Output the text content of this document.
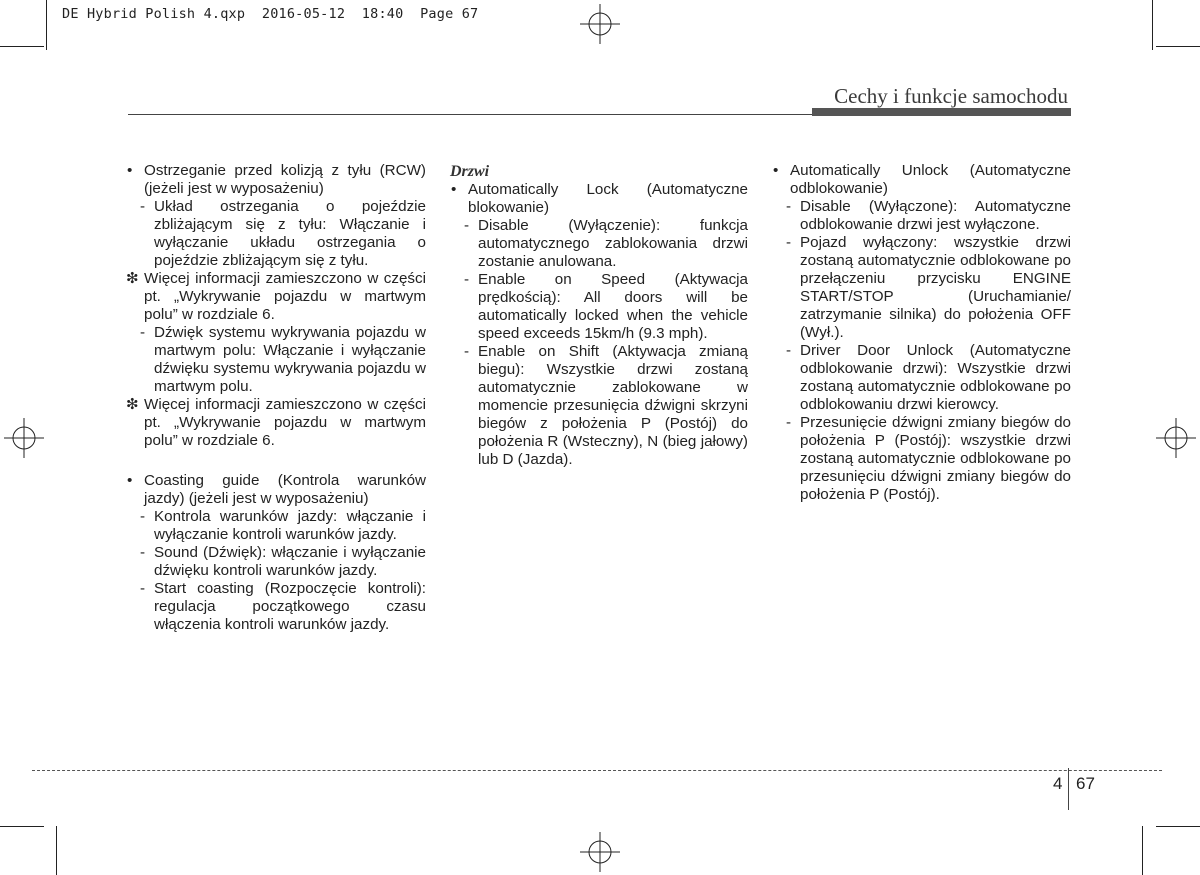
DE Hybrid Polish 4.qxp  2016-05-12  18:40  Page 67
Cechy i funkcje samochodu

• Ostrzeganie przed kolizją z tyłu (RCW) (jeżeli jest w wyposażeniu)

- Układ ostrzegania o pojeździe zbliżającym się z tyłu: Włączanie i wyłączanie układu ostrzegania o pojeździe zbliżającym się z tyłu.

❇ Więcej informacji zamieszczono w części pt. „Wykrywanie pojazdu w martwym polu” w rozdziale 6.

- Dźwięk systemu wykrywania pojazdu w martwym polu: Włączanie i wyłączanie dźwięku systemu wykrywania pojazdu w martwym polu.

❇ Więcej informacji zamieszczono w części pt. „Wykrywanie pojazdu w martwym polu” w rozdziale 6.

• Coasting guide (Kontrola warunków jazdy) (jeżeli jest w wyposażeniu)

- Kontrola warunków jazdy: włączanie i wyłączanie kontroli warunków jazdy.

- Sound (Dźwięk): włączanie i wyłączanie dźwięku kontroli warunków jazdy.

- Start coasting (Rozpoczęcie kontroli): regulacja początkowego czasu włączenia kontroli warunków jazdy.

Drzwi

• Automatically Lock (Automatyczne blokowanie)

- Disable (Wyłączenie): funkcja automatycznego zablokowania drzwi zostanie anulowana.

- Enable on Speed (Aktywacja prędkością): All doors will be automatically locked when the vehicle speed exceeds 15km/h (9.3 mph).

- Enable on Shift (Aktywacja zmianą biegu): Wszystkie drzwi zostaną automatycznie zablokowane w momencie przesunięcia dźwigni skrzyni biegów z położenia P (Postój) do położenia R (Wsteczny), N (bieg jałowy) lub D (Jazda).

• Automatically Unlock (Automatyczne odblokowanie)

- Disable (Wyłączone): Automatyczne odblokowanie drzwi jest wyłączone.

- Pojazd wyłączony: wszystkie drzwi zostaną automatycznie odblokowane po przełączeniu przycisku ENGINE START/STOP (Uruchamianie/ zatrzymanie silnika) do położenia OFF (Wył.).

- Driver Door Unlock (Automatyczne odblokowanie drzwi): Wszystkie drzwi zostaną automatycznie odblokowane po odblokowaniu drzwi kierowcy.

- Przesunięcie dźwigni zmiany biegów do położenia P (Postój): wszystkie drzwi zostaną automatycznie odblokowane po przesunięciu dźwigni zmiany biegów do położenia P (Postój).

4 67
